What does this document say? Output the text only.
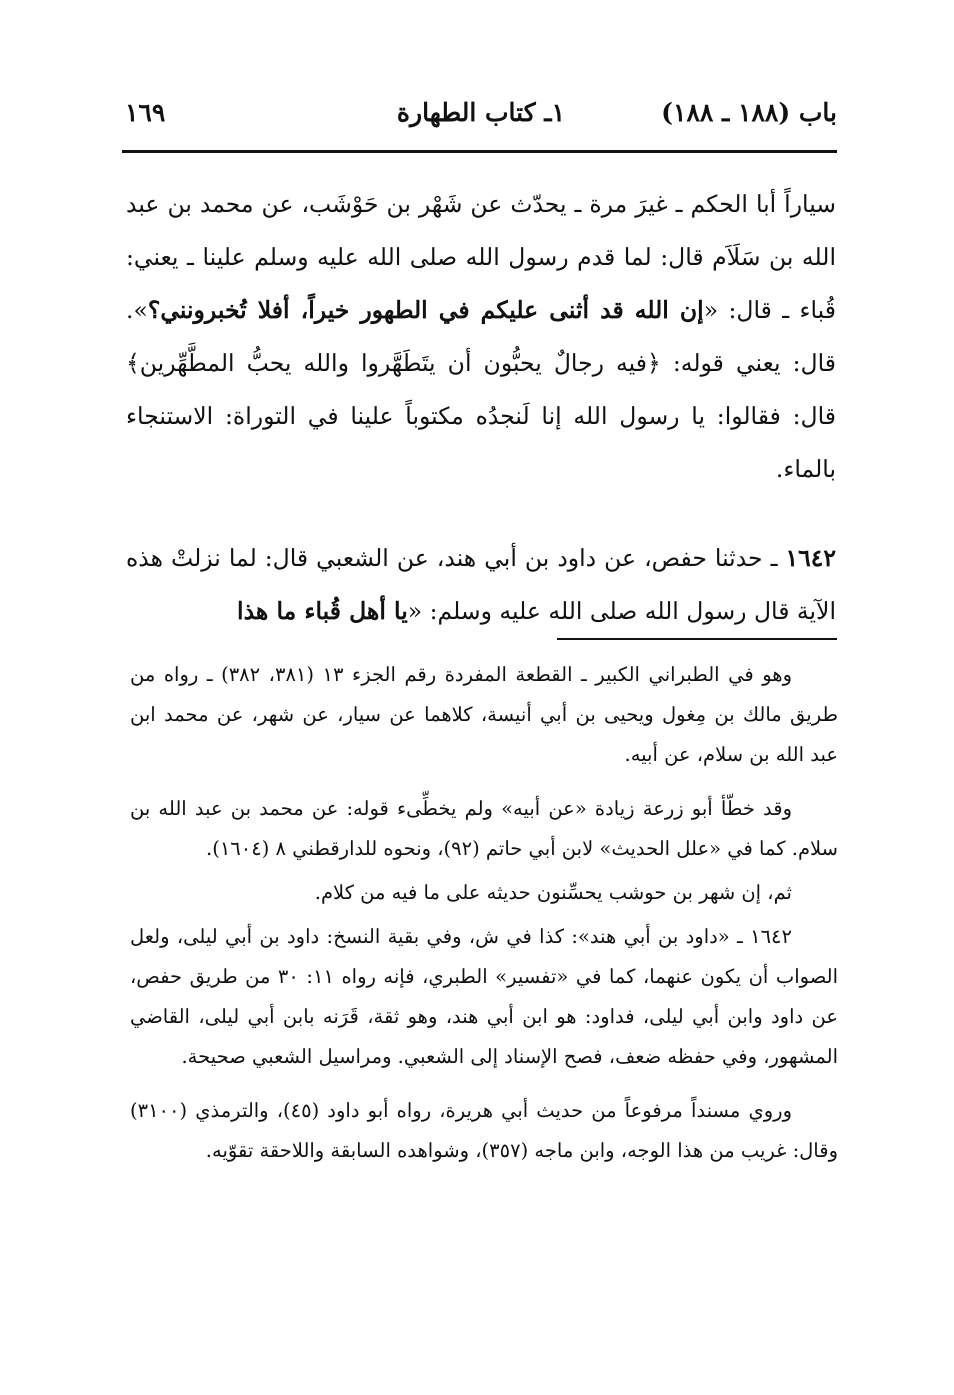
باب (١٨٨ ـ ١٨٨)
١ـ كتاب الطهارة
١٦٩

سياراً أبا الحكم ـ غيرَ مرة ـ يحدّث عن شَهْر بن حَوْشَب، عن محمد بن عبد الله بن سَلَاَم قال: لما قدم رسول الله صلى الله عليه وسلم علينا ـ يعني: قُباء ـ قال: «إن الله قد أثنى عليكم في الطهور خيراً، أفلا تُخبرونني؟». قال: يعني قوله: ﴿فيه رجالٌ يحبُّون أن يتَطَهَّروا والله يحبُّ المطَّهِّرين﴾ قال: فقالوا: يا رسول الله إنا لَنجدُه مكتوباً علينا في التوراة: الاستنجاء بالماء.

١٦٤٢ ـ حدثنا حفص، عن داود بن أبي هند، عن الشعبي قال: لما نزلتْ هذه الآية قال رسول الله صلى الله عليه وسلم: «يا أهل قُباء ما هذا

وهو في الطبراني الكبير ـ القطعة المفردة رقم الجزء ١٣ (٣٨١، ٣٨٢) ـ رواه من طريق مالك بن مِغول ويحيى بن أبي أنيسة، كلاهما عن سيار، عن شهر، عن محمد ابن عبد الله بن سلام، عن أبيه.

وقد خطّأ أبو زرعة زيادة «عن أبيه» ولم يخطِّىء قوله: عن محمد بن عبد الله بن سلام. كما في «علل الحديث» لابن أبي حاتم (٩٢)، ونحوه للدارقطني ٨ (١٦٠٤).

ثم، إن شهر بن حوشب يحسِّنون حديثه على ما فيه من كلام.

١٦٤٢ ـ «داود بن أبي هند»: كذا في ش، وفي بقية النسخ: داود بن أبي ليلى، ولعل الصواب أن يكون عنهما، كما في «تفسير» الطبري، فإنه رواه ١١: ٣٠ من طريق حفص، عن داود وابن أبي ليلى، فداود: هو ابن أبي هند، وهو ثقة، قَرَنه بابن أبي ليلى، القاضي المشهور، وفي حفظه ضعف، فصح الإسناد إلى الشعبي. ومراسيل الشعبي صحيحة.

وروي مسنداً مرفوعاً من حديث أبي هريرة، رواه أبو داود (٤٥)، والترمذي (٣١٠٠) وقال: غريب من هذا الوجه، وابن ماجه (٣٥٧)، وشواهده السابقة واللاحقة تقوّيه.
